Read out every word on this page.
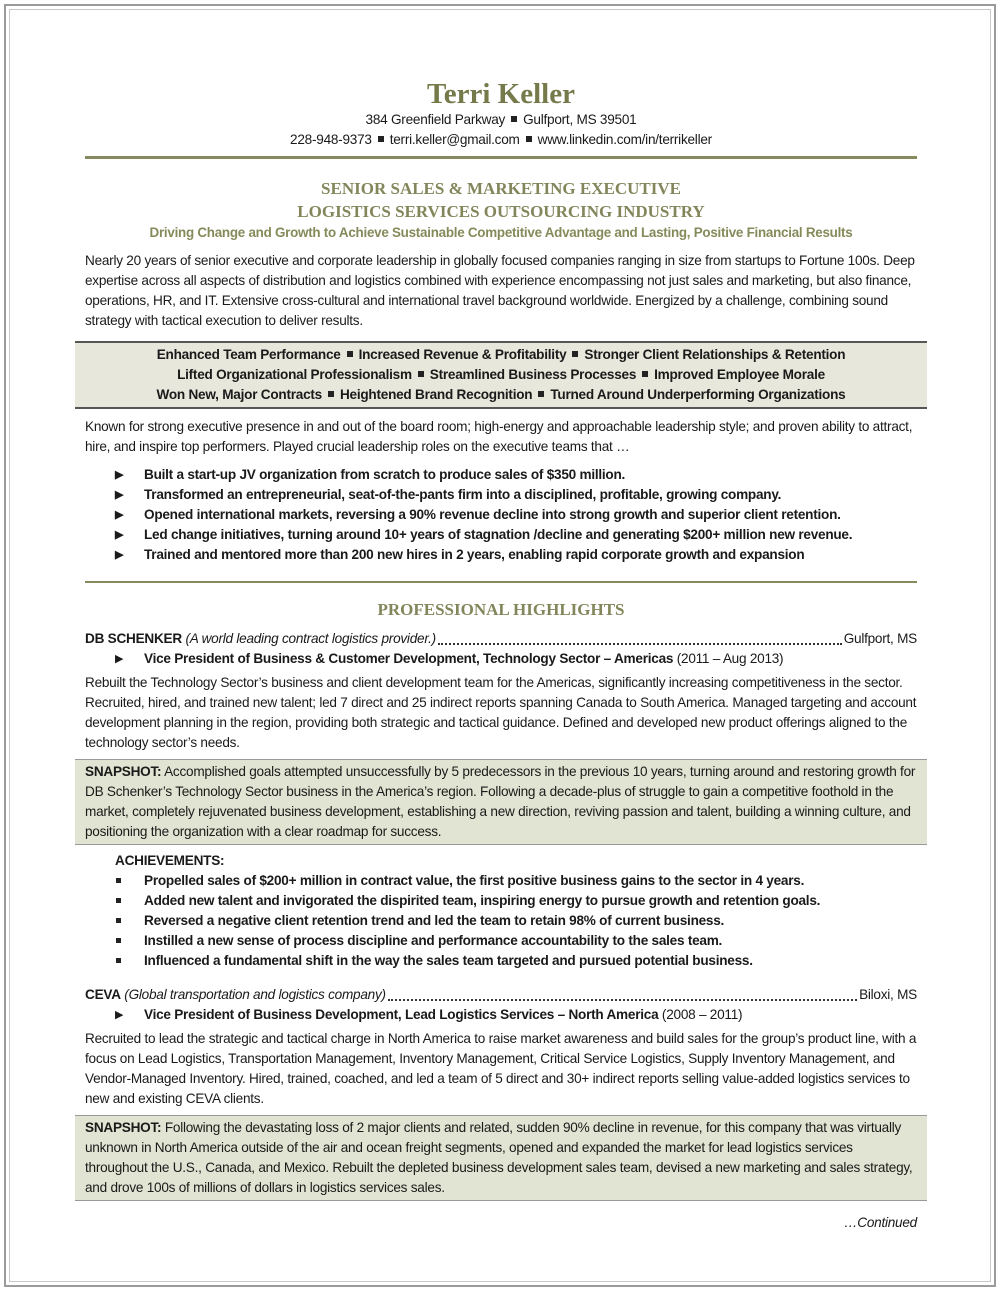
Terri Keller
384 Greenfield Parkway Gulfport, MS 39501
228-948-9373 terri.keller@gmail.com www.linkedin.com/in/terrikeller
SENIOR SALES & MARKETING EXECUTIVE
LOGISTICS SERVICES OUTSOURCING INDUSTRY
Driving Change and Growth to Achieve Sustainable Competitive Advantage and Lasting, Positive Financial Results

Nearly 20 years of senior executive and corporate leadership in globally focused companies ranging in size from startups to Fortune 100s. Deep expertise across all aspects of distribution and logistics combined with experience encompassing not just sales and marketing, but also finance, operations, HR, and IT. Extensive cross-cultural and international travel background worldwide. Energized by a challenge, combining sound strategy with tactical execution to deliver results.

Enhanced Team Performance Increased Revenue & Profitability Stronger Client Relationships & Retention
Lifted Organizational Professionalism Streamlined Business Processes Improved Employee Morale
Won New, Major Contracts Heightened Brand Recognition Turned Around Underperforming Organizations

Known for strong executive presence in and out of the board room; high-energy and approachable leadership style; and proven ability to attract, hire, and inspire top performers. Played crucial leadership roles on the executive teams that …

▶ Built a start-up JV organization from scratch to produce sales of $350 million.
▶ Transformed an entrepreneurial, seat-of-the-pants firm into a disciplined, profitable, growing company.
▶ Opened international markets, reversing a 90% revenue decline into strong growth and superior client retention.
▶ Led change initiatives, turning around 10+ years of stagnation /decline and generating $200+ million new revenue.
▶ Trained and mentored more than 200 new hires in 2 years, enabling rapid corporate growth and expansion
PROFESSIONAL HIGHLIGHTS
DB SCHENKER (A world leading contract logistics provider.)	Gulfport, MS
▶ Vice President of Business & Customer Development, Technology Sector – Americas (2011 – Aug 2013)

Rebuilt the Technology Sector’s business and client development team for the Americas, significantly increasing competitiveness in the sector. Recruited, hired, and trained new talent; led 7 direct and 25 indirect reports spanning Canada to South America. Managed targeting and account development planning in the region, providing both strategic and tactical guidance. Defined and developed new product offerings aligned to the technology sector’s needs.

SNAPSHOT: Accomplished goals attempted unsuccessfully by 5 predecessors in the previous 10 years, turning around and restoring growth for DB Schenker’s Technology Sector business in the America’s region. Following a decade-plus of struggle to gain a competitive foothold in the market, completely rejuvenated business development, establishing a new direction, reviving passion and talent, building a winning culture, and positioning the organization with a clear roadmap for success.
ACHIEVEMENTS:
Propelled sales of $200+ million in contract value, the first positive business gains to the sector in 4 years.
Added new talent and invigorated the dispirited team, inspiring energy to pursue growth and retention goals.
Reversed a negative client retention trend and led the team to retain 98% of current business.
Instilled a new sense of process discipline and performance accountability to the sales team.
Influenced a fundamental shift in the way the sales team targeted and pursued potential business.
CEVA (Global transportation and logistics company)	Biloxi, MS
▶ Vice President of Business Development, Lead Logistics Services – North America (2008 – 2011)

Recruited to lead the strategic and tactical charge in North America to raise market awareness and build sales for the group’s product line, with a focus on Lead Logistics, Transportation Management, Inventory Management, Critical Service Logistics, Supply Inventory Management, and Vendor-Managed Inventory. Hired, trained, coached, and led a team of 5 direct and 30+ indirect reports selling value-added logistics services to new and existing CEVA clients.

SNAPSHOT: Following the devastating loss of 2 major clients and related, sudden 90% decline in revenue, for this company that was virtually unknown in North America outside of the air and ocean freight segments, opened and expanded the market for lead logistics services throughout the U.S., Canada, and Mexico. Rebuilt the depleted business development sales team, devised a new marketing and sales strategy, and drove 100s of millions of dollars in logistics services sales.
…Continued
